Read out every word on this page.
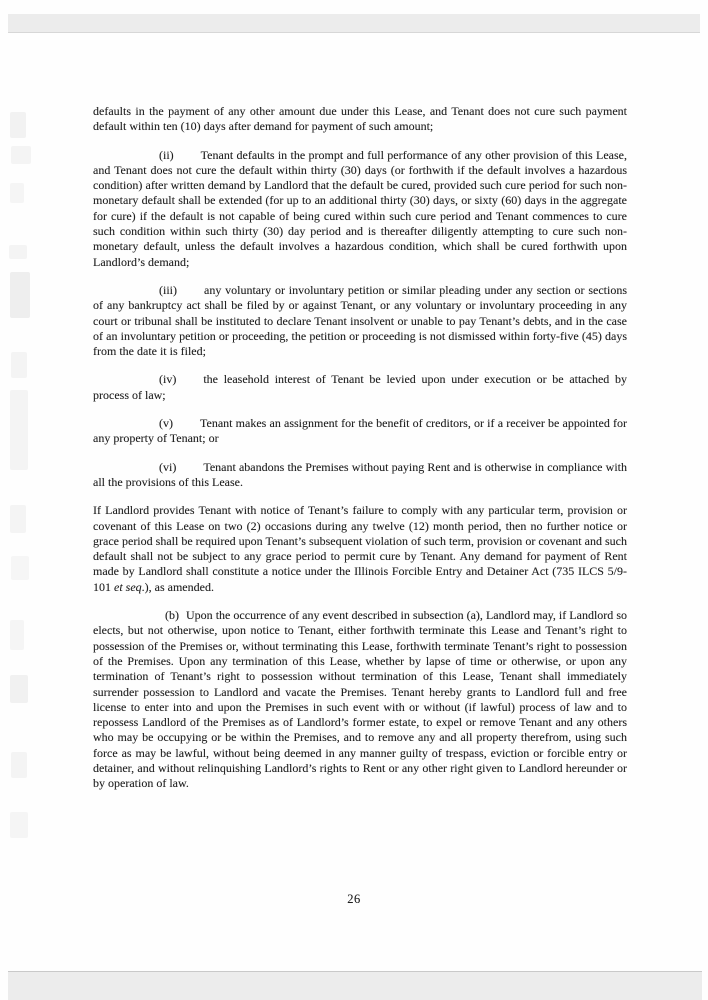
defaults in the payment of any other amount due under this Lease, and Tenant does not cure such payment default within ten (10) days after demand for payment of such amount;

(ii) Tenant defaults in the prompt and full performance of any other provision of this Lease, and Tenant does not cure the default within thirty (30) days (or forthwith if the default involves a hazardous condition) after written demand by Landlord that the default be cured, provided such cure period for such non-monetary default shall be extended (for up to an additional thirty (30) days, or sixty (60) days in the aggregate for cure) if the default is not capable of being cured within such cure period and Tenant commences to cure such condition within such thirty (30) day period and is thereafter diligently attempting to cure such non-monetary default, unless the default involves a hazardous condition, which shall be cured forthwith upon Landlord’s demand;

(iii) any voluntary or involuntary petition or similar pleading under any section or sections of any bankruptcy act shall be filed by or against Tenant, or any voluntary or involuntary proceeding in any court or tribunal shall be instituted to declare Tenant insolvent or unable to pay Tenant’s debts, and in the case of an involuntary petition or proceeding, the petition or proceeding is not dismissed within forty-five (45) days from the date it is filed;

(iv) the leasehold interest of Tenant be levied upon under execution or be attached by process of law;

(v) Tenant makes an assignment for the benefit of creditors, or if a receiver be appointed for any property of Tenant; or

(vi) Tenant abandons the Premises without paying Rent and is otherwise in compliance with all the provisions of this Lease.

If Landlord provides Tenant with notice of Tenant’s failure to comply with any particular term, provision or covenant of this Lease on two (2) occasions during any twelve (12) month period, then no further notice or grace period shall be required upon Tenant’s subsequent violation of such term, provision or covenant and such default shall not be subject to any grace period to permit cure by Tenant. Any demand for payment of Rent made by Landlord shall constitute a notice under the Illinois Forcible Entry and Detainer Act (735 ILCS 5/9-101 et seq.), as amended.

(b) Upon the occurrence of any event described in subsection (a), Landlord may, if Landlord so elects, but not otherwise, upon notice to Tenant, either forthwith terminate this Lease and Tenant’s right to possession of the Premises or, without terminating this Lease, forthwith terminate Tenant’s right to possession of the Premises. Upon any termination of this Lease, whether by lapse of time or otherwise, or upon any termination of Tenant’s right to possession without termination of this Lease, Tenant shall immediately surrender possession to Landlord and vacate the Premises. Tenant hereby grants to Landlord full and free license to enter into and upon the Premises in such event with or without (if lawful) process of law and to repossess Landlord of the Premises as of Landlord’s former estate, to expel or remove Tenant and any others who may be occupying or be within the Premises, and to remove any and all property therefrom, using such force as may be lawful, without being deemed in any manner guilty of trespass, eviction or forcible entry or detainer, and without relinquishing Landlord’s rights to Rent or any other right given to Landlord hereunder or by operation of law.

26
